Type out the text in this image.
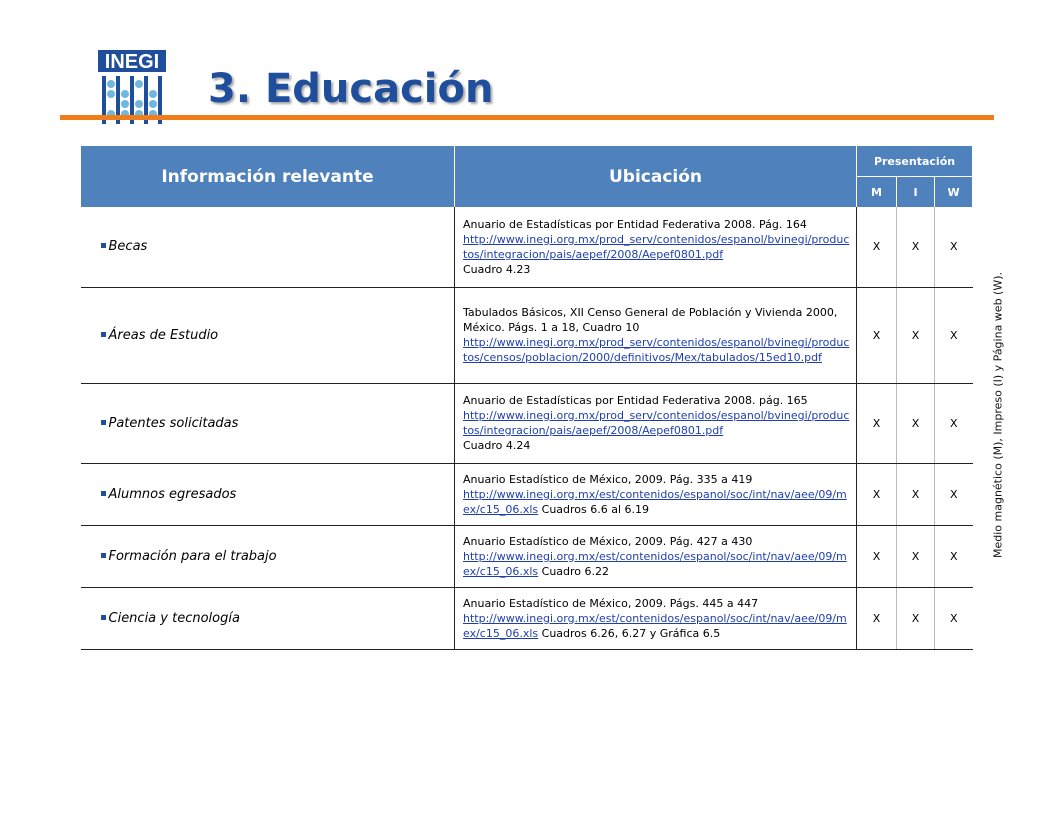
INEGI
3. Educación
Medio magnético (M), Impreso (I) y Página web (W).
Información relevante	Ubicación	Presentación		
		M	I	W
Becas	Anuario de Estadísticas por Entidad Federativa 2008. Pág. 164
http://www.inegi.org.mx/prod_serv/contenidos/espanol/bvinegi/productos/integracion/pais/aepef/2008/Aepef0801.pdf
Cuadro 4.23	X	X	X
Áreas de Estudio	Tabulados Básicos, XII Censo General de Población y Vivienda 2000, México. Págs. 1 a 18, Cuadro 10
http://www.inegi.org.mx/prod_serv/contenidos/espanol/bvinegi/productos/censos/poblacion/2000/definitivos/Mex/tabulados/15ed10.pdf	X	X	X
Patentes solicitadas	Anuario de Estadísticas por Entidad Federativa 2008. pág. 165
http://www.inegi.org.mx/prod_serv/contenidos/espanol/bvinegi/productos/integracion/pais/aepef/2008/Aepef0801.pdf
Cuadro 4.24	X	X	X
Alumnos egresados	Anuario Estadístico de México, 2009. Pág. 335 a 419
http://www.inegi.org.mx/est/contenidos/espanol/soc/int/nav/aee/09/mex/c15_06.xls Cuadros 6.6 al 6.19	X	X	X
Formación para el trabajo	Anuario Estadístico de México, 2009. Pág. 427 a 430
http://www.inegi.org.mx/est/contenidos/espanol/soc/int/nav/aee/09/mex/c15_06.xls Cuadro 6.22	X	X	X
Ciencia y tecnología	Anuario Estadístico de México, 2009. Págs. 445 a 447
http://www.inegi.org.mx/est/contenidos/espanol/soc/int/nav/aee/09/mex/c15_06.xls Cuadros 6.26, 6.27 y Gráfica 6.5	X	X	X
